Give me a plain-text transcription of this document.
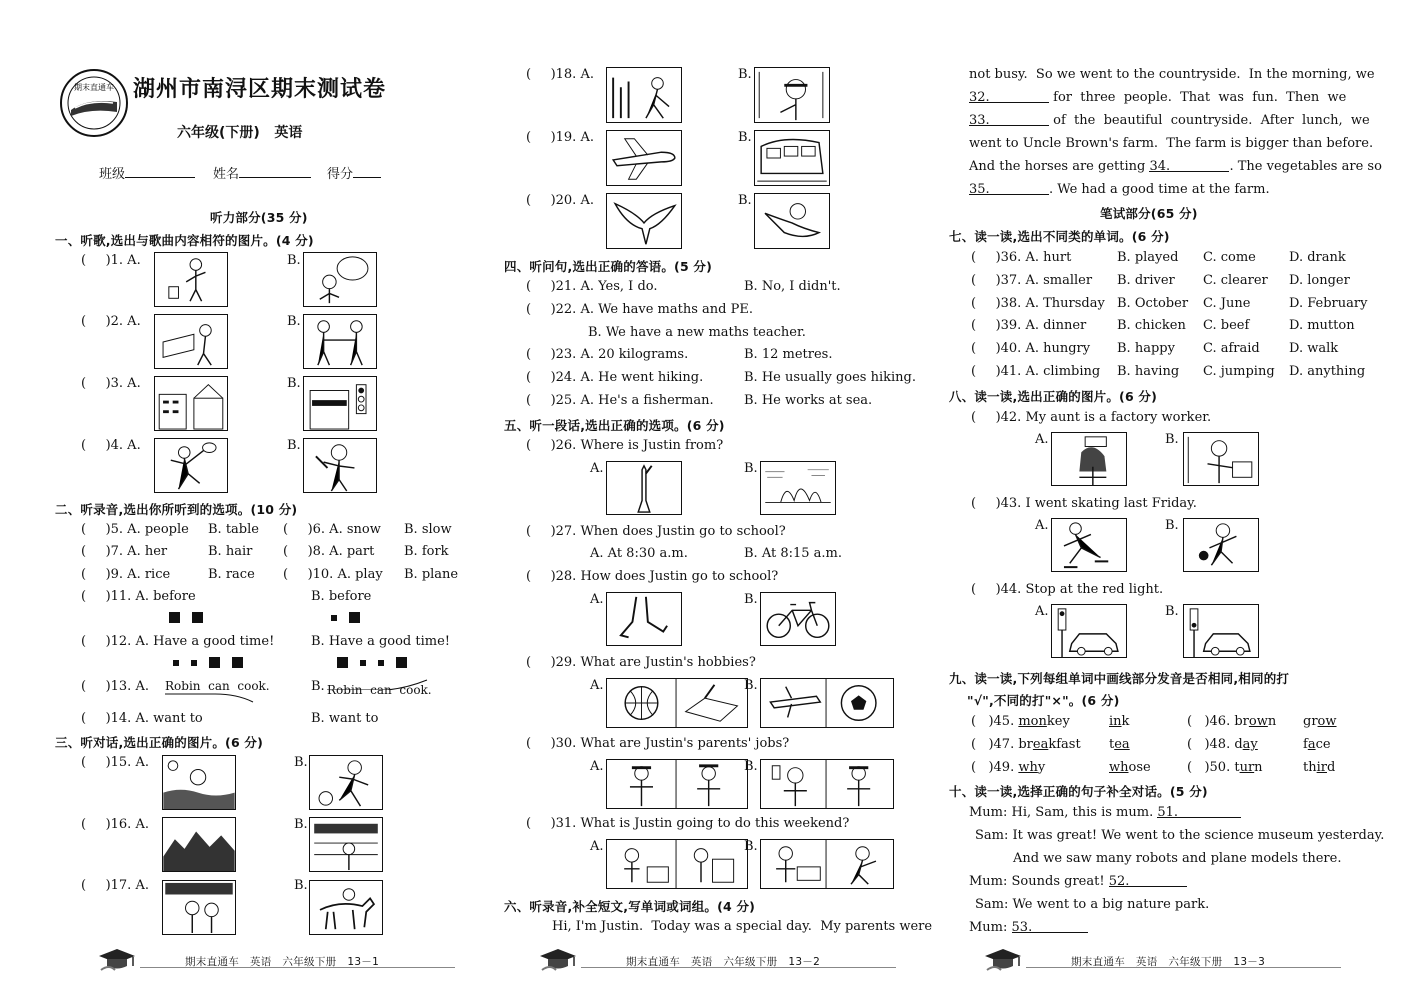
期末直通车 湖州市南浔区期末测试卷
六年级(下册)   英语
班级	姓名	得分
听力部分(35 分)
一、听歌,选出与歌曲内容相符的图片。(4 分)
(  )1. A.	B.
(  )2. A.	B.
(  )3. A.	B.
(  )4. A.	B.
二、听录音,选出你所听到的选项。(10 分)
(  )5. A. people B. table (  )6. A. snow B. slow
(  )7. A. her	B. hair (  )8. A. part B. fork
(  )9. A. rice	B. race (  )10. A. play B. plane
(  )11. A. before	B. before
(  )12. A. Have a good time!	B. Have a good time!
(  )13. A. Robin  can  cook.	B. Robin  can  cook.
(  )14. A. want to	B. want to
三、听对话,选出正确的图片。(6 分)
(  )15. A.	B.
(  )16. A.	B.
(  )17. A.	B.
期末直通车   英语   六年级下册   13－1
(  )18. A.	B.
(  )19. A.	B.
(  )20. A.	B.
四、听问句,选出正确的答语。(5 分)
(  )21. A. Yes, I do.	B. No, I didn't.
(  )22. A. We have maths and PE.
B. We have a new maths teacher.
(  )23. A. 20 kilograms.	B. 12 metres.
(  )24. A. He went hiking.	B. He usually goes hiking.
(  )25. A. He's a fisherman. B. He works at sea.
五、听一段话,选出正确的选项。(6 分)
(  )26. Where is Justin from?
A.	B.
(  )27. When does Justin go to school?
A. At 8:30 a.m.	B. At 8:15 a.m.
(  )28. How does Justin go to school?
A.	B.
(  )29. What are Justin's hobbies?
A.	B.
(  )30. What are Justin's parents' jobs?
A.	B.
(  )31. What is Justin going to do this weekend?
A.	B.
六、听录音,补全短文,写单词或词组。(4 分)
Hi, I'm Justin.  Today was a special day.  My parents were
期末直通车   英语   六年级下册   13－2
not busy.  So we went to the countryside.  In the morning, we
32.	for  three  people.  That  was  fun.  Then  we
33.	of  the  beautiful  countryside.  After  lunch,  we
went to Uncle Brown's farm.  The farm is bigger than before.
And the horses are getting 34.	. The vegetables are so
35.	. We had a good time at the farm.
笔试部分(65 分)
七、读一读,选出不同类的单词。(6 分)
(  )36. A. hurt	B. played C. come	D. drank
(  )37. A. smaller B. driver C. clearer D. longer
(  )38. A. Thursday B. October C. June	D. February
(  )39. A. dinner B. chicken C. beef	D. mutton
(  )40. A. hungry B. happy C. afraid D. walk
(  )41. A. climbing B. having C. jumping D. anything
八、读一读,选出正确的图片。(6 分)
(  )42. My aunt is a factory worker.
A.	B.
(  )43. I went skating last Friday.
A.	B.
(  )44. Stop at the red light.
A.	B.
九、读一读,下列每组单词中画线部分发音是否相同,相同的打
"√",不同的打"×"。(6 分)
(   )45. monkey	ink	(   )46. brown grow
(   )47. breakfast tea	(   )48. day	face
(   )49. why	whose	(   )50. turn	third
十、读一读,选择正确的句子补全对话。(5 分)
Mum: Hi, Sam, this is mum. 51.
Sam: It was great! We went to the science museum yesterday.
And we saw many robots and plane models there.
Mum: Sounds great! 52.
Sam: We went to a big nature park.
Mum: 53.
期末直通车   英语   六年级下册   13－3
